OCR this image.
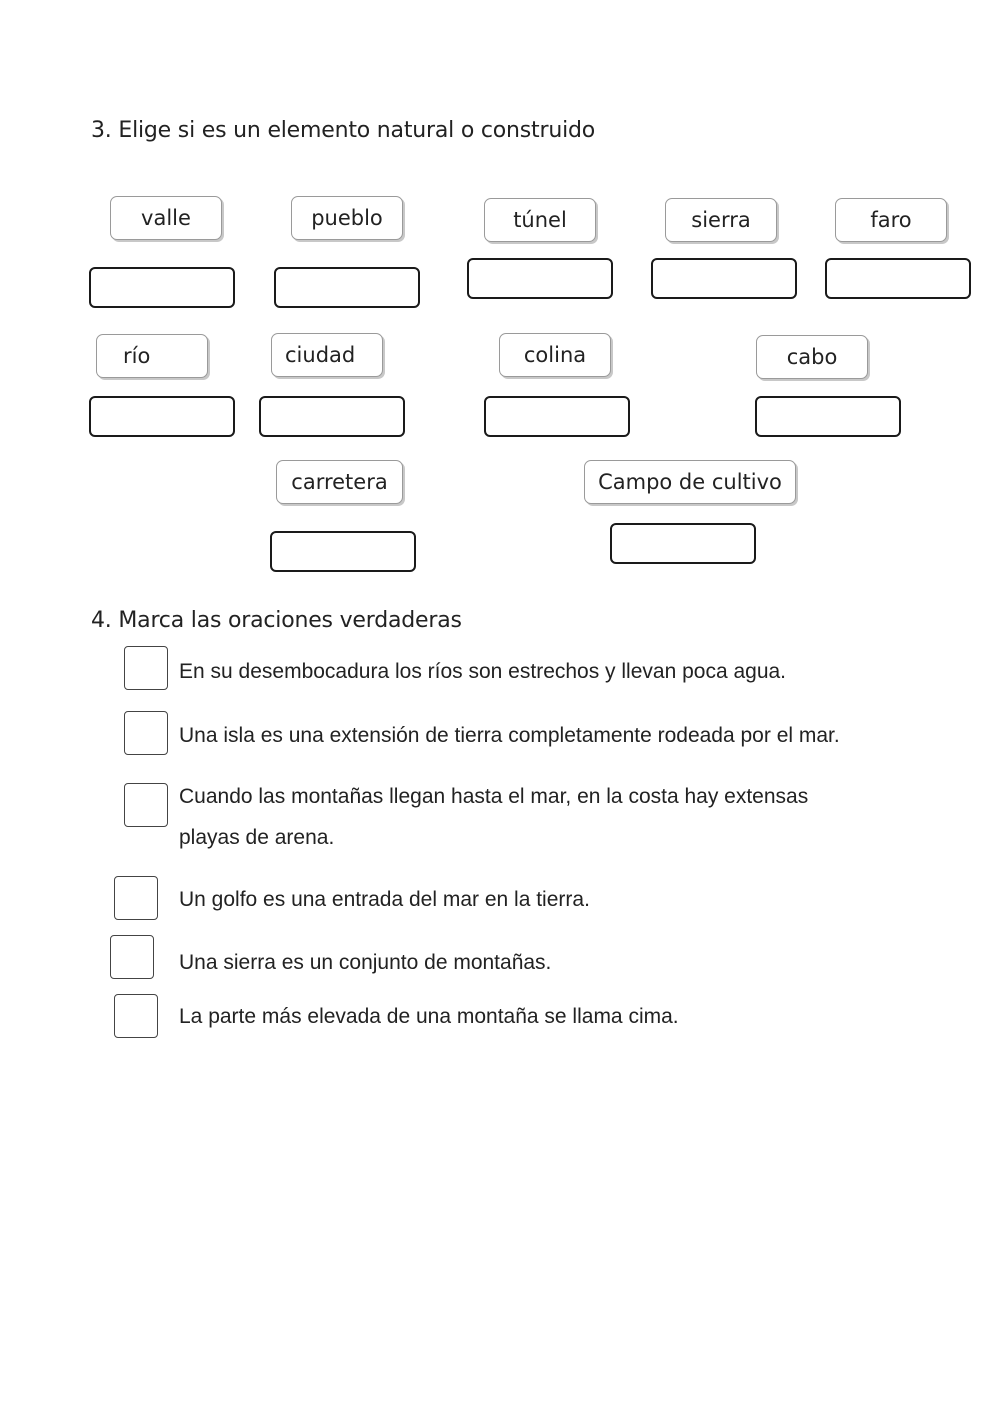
3. Elige si es un elemento natural o construido
valle	pueblo	túnel	sierra	faro
río	ciudad	colina	cabo
carretera	Campo de cultivo
4. Marca las oraciones verdaderas
En su desembocadura los ríos son estrechos y llevan poca agua.
Una isla es una extensión de tierra completamente rodeada por el mar.
Cuando las montañas llegan hasta el mar, en la costa hay extensas
playas de arena.
Un golfo es una entrada del mar en la tierra.
Una sierra es un conjunto de montañas.
La parte más elevada de una montaña se llama cima.
